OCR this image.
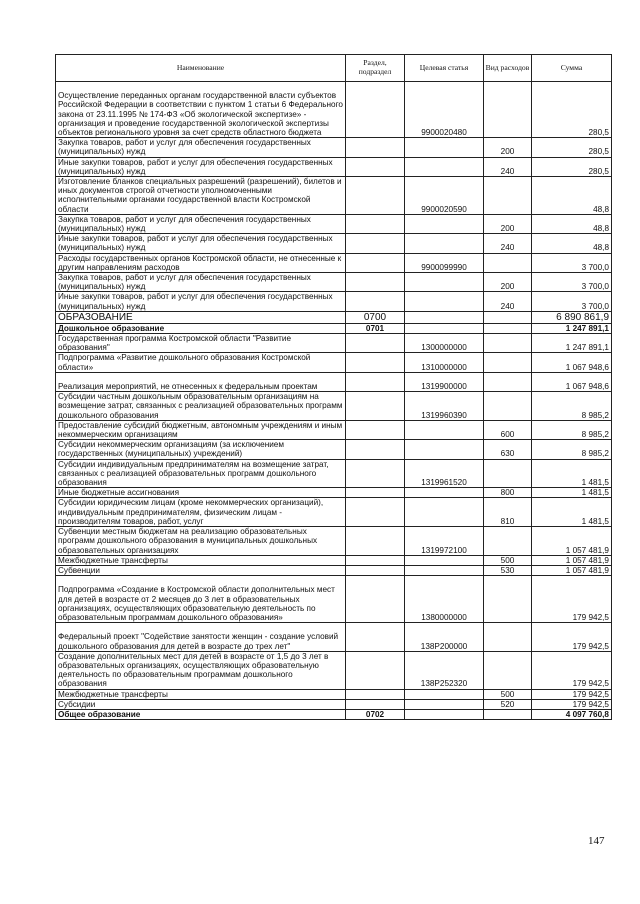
Наименование	Раздел, подраздел	Целевая статья	Вид расходов	Сумма
Осуществление переданных органам государственной власти субъектов Российской Федерации в соответствии с пунктом 1 статьи 6 Федерального закона от 23.11.1995 № 174-ФЗ «Об экологической экспертизе» - организация и проведение государственной экологической экспертизы объектов регионального уровня за счет средств областного бюджета		9900020480		280,5
Закупка товаров, работ и услуг для обеспечения государственных (муниципальных) нужд			200	280,5
Иные закупки товаров, работ и услуг для обеспечения государственных (муниципальных) нужд			240	280,5
Изготовление бланков специальных разрешений (разрешений), билетов и иных документов строгой отчетности уполномоченными исполнительными органами государственной власти Костромской области		9900020590		48,8
Закупка товаров, работ и услуг для обеспечения государственных (муниципальных) нужд			200	48,8
Иные закупки товаров, работ и услуг для обеспечения государственных (муниципальных) нужд			240	48,8
Расходы государственных органов Костромской области, не отнесенные к другим направлениям расходов		9900099990		3 700,0
Закупка товаров, работ и услуг для обеспечения государственных (муниципальных) нужд			200	3 700,0
Иные закупки товаров, работ и услуг для обеспечения государственных (муниципальных) нужд			240	3 700,0
ОБРАЗОВАНИЕ	0700			6 890 861,9
Дошкольное образование	0701			1 247 891,1
Государственная программа Костромской области "Развитие образования"		1300000000		1 247 891,1
Подпрограмма «Развитие дошкольного образования Костромской области»		1310000000		1 067 948,6
Реализация мероприятий, не отнесенных к федеральным проектам		1319900000		1 067 948,6
Субсидии частным дошкольным образовательным организациям на возмещение затрат, связанных с реализацией образовательных программ дошкольного образования		1319960390		8 985,2
Предоставление субсидий бюджетным, автономным учреждениям и иным некоммерческим организациям			600	8 985,2
Субсидии некоммерческим организациям (за исключением государственных (муниципальных) учреждений)			630	8 985,2
Субсидии индивидуальным предпринимателям на возмещение затрат, связанных с реализацией образовательных программ дошкольного образования		1319961520		1 481,5
Иные бюджетные ассигнования			800	1 481,5
Субсидии юридическим лицам (кроме некоммерческих организаций), индивидуальным предпринимателям, физическим лицам - производителям товаров, работ, услуг			810	1 481,5
Субвенции местным бюджетам на реализацию образовательных программ дошкольного образования в муниципальных дошкольных образовательных организациях		1319972100		1 057 481,9
Межбюджетные трансферты			500	1 057 481,9
Субвенции			530	1 057 481,9
Подпрограмма «Создание в Костромской области дополнительных мест для детей в возрасте от 2 месяцев до 3 лет в образовательных организациях, осуществляющих образовательную деятельность по образовательным программам дошкольного образования»		1380000000		179 942,5
Федеральный проект "Содействие занятости женщин - создание условий дошкольного образования для детей в возрасте до трех лет"		138P200000		179 942,5
Создание дополнительных мест для детей в возрасте от 1,5 до 3 лет в образовательных организациях, осуществляющих образовательную деятельность по образовательным программам дошкольного образования		138P252320		179 942,5
Межбюджетные трансферты			500	179 942,5
Субсидии			520	179 942,5
Общее образование	0702			4 097 760,8
147
